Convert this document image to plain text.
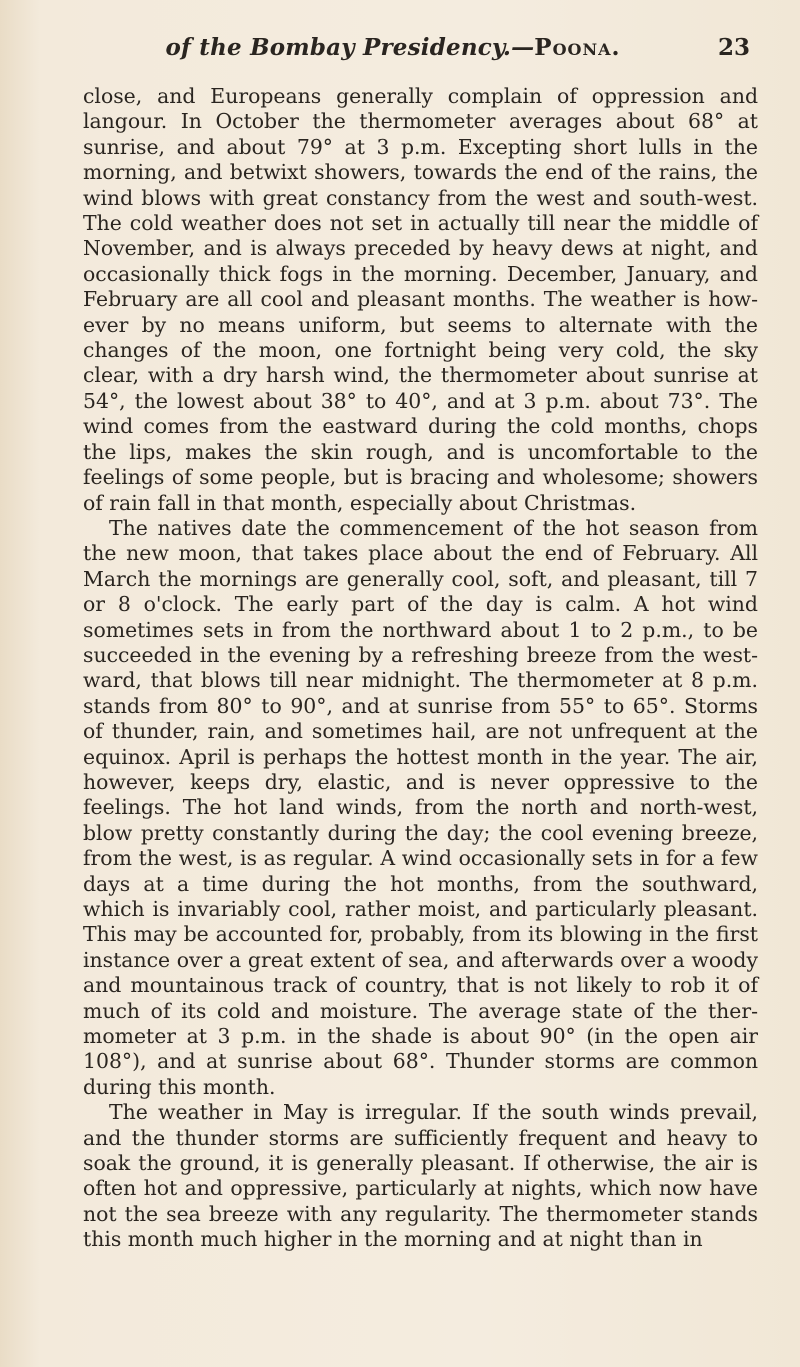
of the Bombay Presidency.—Poona.	23

close, and Europeans generally complain of oppression and langour. In October the thermometer averages about 68° at sunrise, and about 79° at 3 p.m. Excepting short lulls in the morning, and betwixt showers, towards the end of the rains, the wind blows with great constancy from the west and south-west. The cold weather does not set in actually till near the middle of November, and is always preceded by heavy dews at night, and occasionally thick fogs in the morning. December, January, and February are all cool and pleasant months. The weather is how- ever by no means uniform, but seems to alternate with the changes of the moon, one fortnight being very cold, the sky clear, with a dry harsh wind, the thermometer about sunrise at 54°, the lowest about 38° to 40°, and at 3 p.m. about 73°. The wind comes from the eastward during the cold months, chops the lips, makes the skin rough, and is uncomfortable to the feelings of some people, but is bracing and wholesome; showers of rain fall in that month, especially about Christmas.

The natives date the commencement of the hot season from the new moon, that takes place about the end of February. All March the mornings are generally cool, soft, and pleasant, till 7 or 8 o'clock. The early part of the day is calm. A hot wind sometimes sets in from the northward about 1 to 2 p.m., to be succeeded in the evening by a refreshing breeze from the west- ward, that blows till near midnight. The thermometer at 8 p.m. stands from 80° to 90°, and at sunrise from 55° to 65°. Storms of thunder, rain, and sometimes hail, are not unfrequent at the equinox. April is perhaps the hottest month in the year. The air, however, keeps dry, elastic, and is never oppressive to the feelings. The hot land winds, from the north and north-west, blow pretty constantly during the day; the cool evening breeze, from the west, is as regular. A wind occasionally sets in for a few days at a time during the hot months, from the southward, which is invariably cool, rather moist, and particularly pleasant. This may be accounted for, probably, from its blowing in the first instance over a great extent of sea, and afterwards over a woody and mountainous track of country, that is not likely to rob it of much of its cold and moisture. The average state of the ther- mometer at 3 p.m. in the shade is about 90° (in the open air 108°), and at sunrise about 68°. Thunder storms are common during this month.

The weather in May is irregular. If the south winds prevail, and the thunder storms are sufficiently frequent and heavy to soak the ground, it is generally pleasant. If otherwise, the air is often hot and oppressive, particularly at nights, which now have not the sea breeze with any regularity. The thermometer stands this month much higher in the morning and at night than in
